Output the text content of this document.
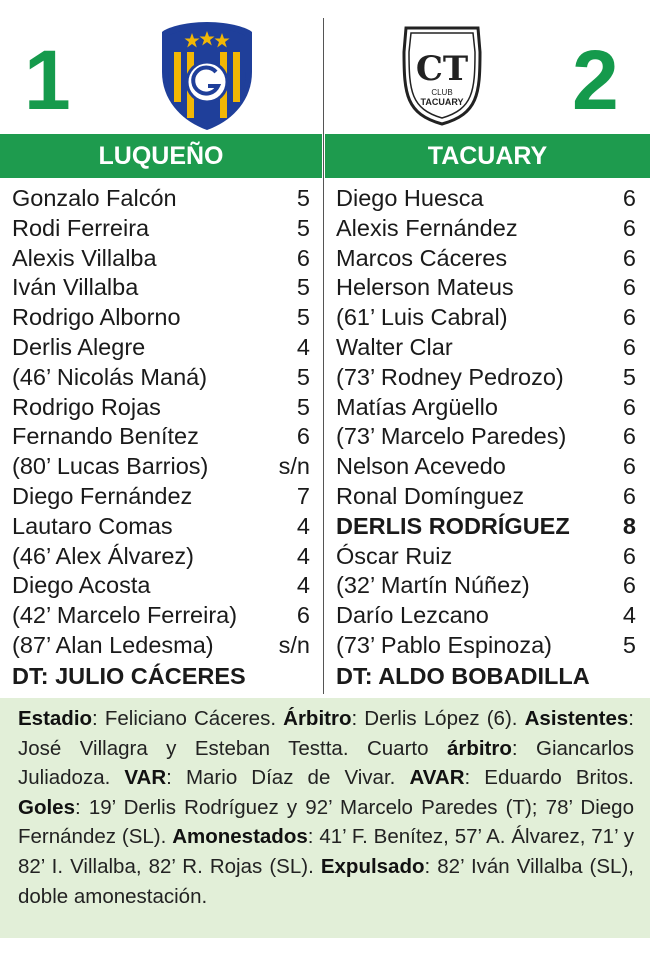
1	CT
CLUB
TACUARY 2
LUQUEÑO	TACUARY
Gonzalo Falcón	5
Rodi Ferreira	5
Alexis Villalba	6
Iván Villalba	5
Rodrigo Alborno	5
Derlis Alegre	4
(46’ Nicolás Maná)	5
Rodrigo Rojas	5
Fernando Benítez	6
(80’ Lucas Barrios)	s/n
Diego Fernández	7
Lautaro Comas	4
(46’ Alex Álvarez)	4
Diego Acosta	4
(42’ Marcelo Ferreira)	6
(87’ Alan Ledesma)	s/n
DT: JULIO CÁCERES
Diego Huesca	6
Alexis Fernández	6
Marcos Cáceres	6
Helerson Mateus	6
(61’ Luis Cabral)	6
Walter Clar	6
(73’ Rodney Pedrozo)	5
Matías Argüello	6
(73’ Marcelo Paredes) 6
Nelson Acevedo	6
Ronal Domínguez	6
DERLIS RODRÍGUEZ 8
Óscar Ruiz	6
(32’ Martín Núñez)	6
Darío Lezcano	4
(73’ Pablo Espinoza)	5
DT: ALDO BOBADILLA

Estadio: Feliciano Cáceres. Árbitro: Derlis López (6). Asistentes: José Villagra y Esteban Testta. Cuarto árbitro: Giancarlos Juliadoza. VAR: Mario Díaz de Vivar. AVAR: Eduardo Britos. Goles: 19’ Derlis Rodríguez y 92’ Marcelo Paredes (T); 78’ Diego Fernández (SL). Amonestados: 41’ F. Benítez, 57’ A. Álvarez, 71’ y 82’ I. Villalba, 82’ R. Rojas (SL). Expulsado: 82’ Iván Villalba (SL), doble amonestación.
